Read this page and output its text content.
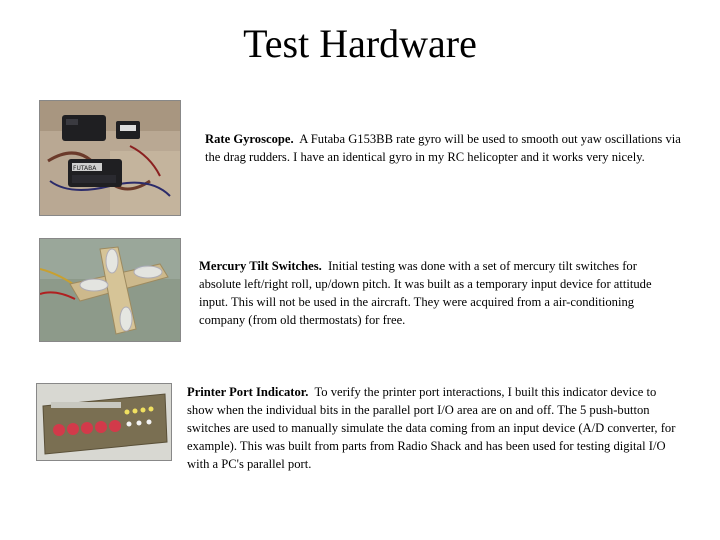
Test Hardware
FUTABA
Rate Gyroscope. A Futaba G153BB rate gyro will be used to smooth out yaw oscillations via the drag rudders. I have an identical gyro in my RC helicopter and it works very nicely.
Mercury Tilt Switches. Initial testing was done with a set of mercury tilt switches for absolute left/right roll, up/down pitch. It was built as a temporary input device for attitude input. This will not be used in the aircraft. They were acquired from a air-conditioning company (from old thermostats) for free.
Printer Port Indicator. To verify the printer port interactions, I built this indicator device to show when the individual bits in the parallel port I/O area are on and off. The 5 push-button switches are used to manually simulate the data coming from an input device (A/D converter, for example). This was built from parts from Radio Shack and has been used for testing digital I/O with a PC's parallel port.
